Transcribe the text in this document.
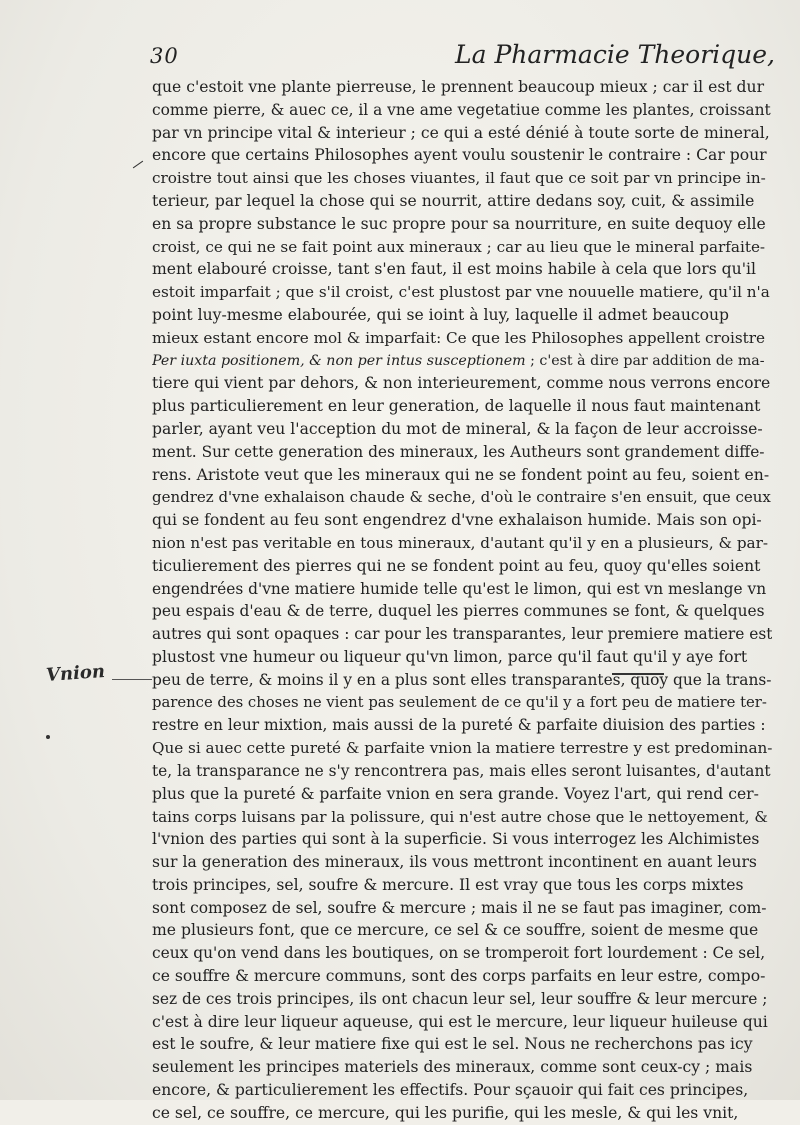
30	La Pharmacie Theorique,
Vnion
que c'estoit vne plante pierreuse, le prennent beaucoup mieux ; car il est dur
comme pierre, & auec ce, il a vne ame vegetatiue comme les plantes, croissant
par vn principe vital & interieur ; ce qui a esté dénié à toute sorte de mineral,
encore que certains Philosophes ayent voulu soustenir le contraire : Car pour
croistre tout ainsi que les choses viuantes, il faut que ce soit par vn principe in-
terieur, par lequel la chose qui se nourrit, attire dedans soy, cuit, & assimile
en sa propre substance le suc propre pour sa nourriture, en suite dequoy elle
croist, ce qui ne se fait point aux mineraux ; car au lieu que le mineral parfaite-
ment elabouré croisse, tant s'en faut, il est moins habile à cela que lors qu'il
estoit imparfait ; que s'il croist, c'est plustost par vne nouuelle matiere, qu'il n'a
point luy-mesme elabourée, qui se ioint à luy, laquelle il admet beaucoup
mieux estant encore mol & imparfait: Ce que les Philosophes appellent croistre
Per iuxta positionem, & non per intus susceptionem ; c'est à dire par addition de ma-
tiere qui vient par dehors, & non interieurement, comme nous verrons encore
plus particulierement en leur generation, de laquelle il nous faut maintenant
parler, ayant veu l'acception du mot de mineral, & la façon de leur accroisse-
ment. Sur cette generation des mineraux, les Autheurs sont grandement diffe-
rens. Aristote veut que les mineraux qui ne se fondent point au feu, soient en-
gendrez d'vne exhalaison chaude & seche, d'où le contraire s'en ensuit, que ceux
qui se fondent au feu sont engendrez d'vne exhalaison humide. Mais son opi-
nion n'est pas veritable en tous mineraux, d'autant qu'il y en a plusieurs, & par-
ticulierement des pierres qui ne se fondent point au feu, quoy qu'elles soient
engendrées d'vne matiere humide telle qu'est le limon, qui est vn meslange vn
peu espais d'eau & de terre, duquel les pierres communes se font, & quelques
autres qui sont opaques : car pour les transparantes, leur premiere matiere est
plustost vne humeur ou liqueur qu'vn limon, parce qu'il faut qu'il y aye fort
peu de terre, & moins il y en a plus sont elles transparantes, quoy que la trans-
parence des choses ne vient pas seulement de ce qu'il y a fort peu de matiere ter-
restre en leur mixtion, mais aussi de la pureté & parfaite diuision des parties :
Que si auec cette pureté & parfaite vnion la matiere terrestre y est predominan-
te, la transparance ne s'y rencontrera pas, mais elles seront luisantes, d'autant
plus que la pureté & parfaite vnion en sera grande. Voyez l'art, qui rend cer-
tains corps luisans par la polissure, qui n'est autre chose que le nettoyement, &
l'vnion des parties qui sont à la superficie. Si vous interrogez les Alchimistes
sur la generation des mineraux, ils vous mettront incontinent en auant leurs
trois principes, sel, soufre & mercure. Il est vray que tous les corps mixtes
sont composez de sel, soufre & mercure ; mais il ne se faut pas imaginer, com-
me plusieurs font, que ce mercure, ce sel & ce souffre, soient de mesme que
ceux qu'on vend dans les boutiques, on se tromperoit fort lourdement : Ce sel,
ce souffre & mercure communs, sont des corps parfaits en leur estre, compo-
sez de ces trois principes, ils ont chacun leur sel, leur souffre & leur mercure ;
c'est à dire leur liqueur aqueuse, qui est le mercure, leur liqueur huileuse qui
est le soufre, & leur matiere fixe qui est le sel. Nous ne recherchons pas icy
seulement les principes materiels des mineraux, comme sont ceux-cy ; mais
encore, & particulierement les effectifs. Pour sçauoir qui fait ces principes,
ce sel, ce souffre, ce mercure, qui les purifie, qui les mesle, & qui les vnit,
